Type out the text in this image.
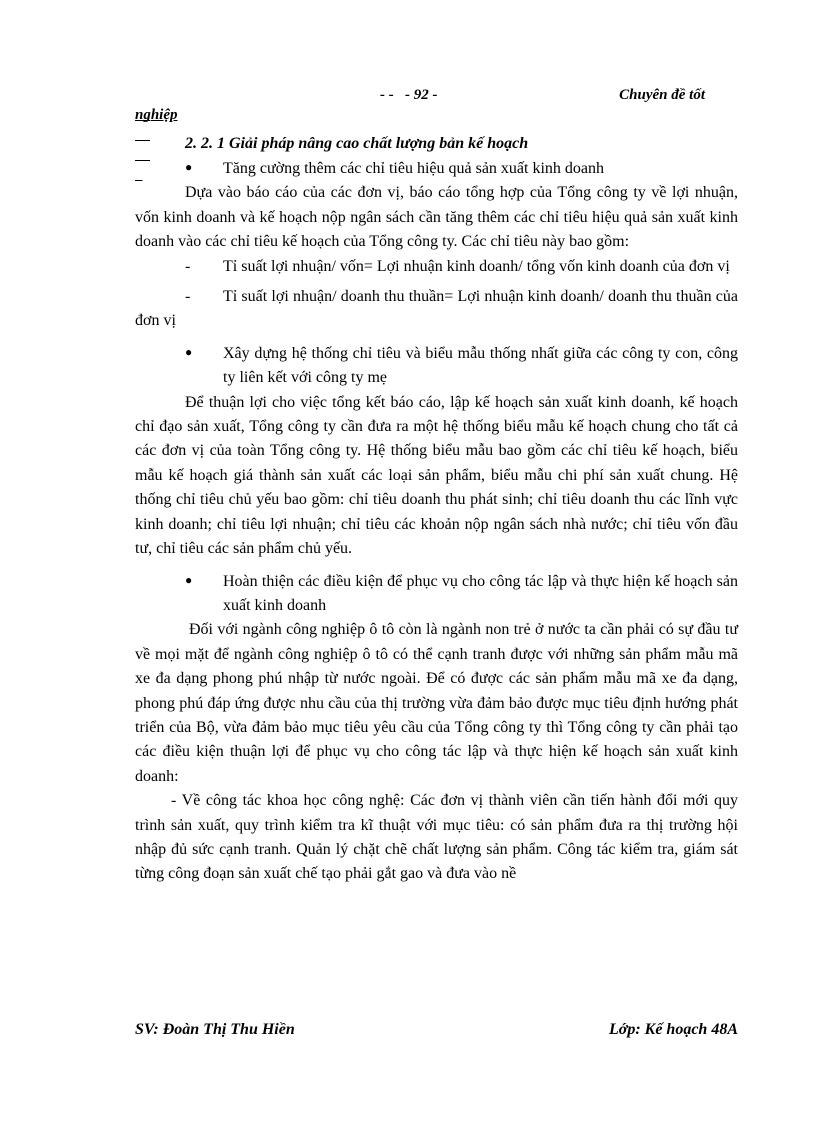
- -

- 92 -

	Chuyên đề tốt

nghiệp

2. 2. 1 Giải pháp nâng cao chất lượng bản kế hoạch

● Tăng cường thêm các chỉ tiêu hiệu quả sản xuất kinh doanh

Dựa vào báo cáo của các đơn vị, báo cáo tổng hợp của Tổng công ty về lợi nhuận, vốn kinh doanh và kế hoạch nộp ngân sách cần tăng thêm các chỉ tiêu hiệu quả sản xuất kinh doanh vào các chỉ tiêu kế hoạch của Tổng công ty. Các chỉ tiêu này bao gồm:

- Tỉ suất lợi nhuận/ vốn= Lợi nhuận kinh doanh/ tổng vốn kinh doanh của đơn vị

- Tỉ suất lợi nhuận/ doanh thu thuần= Lợi nhuận kinh doanh/ doanh thu thuần của đơn vị

● Xây dựng hệ thống chỉ tiêu và biểu mẫu thống nhất giữa các công ty con, công ty liên kết với công ty mẹ

Để thuận lợi cho việc tổng kết báo cáo, lập kế hoạch sản xuất kinh doanh, kế hoạch chỉ đạo sản xuất, Tổng công ty cần đưa ra một hệ thống biểu mẫu kế hoạch chung cho tất cả các đơn vị của toàn Tổng công ty. Hệ thống biểu mẫu bao gồm các chỉ tiêu kế hoạch, biểu mẫu kế hoạch giá thành sản xuất các loại sản phẩm, biểu mẫu chi phí sản xuất chung. Hệ thống chỉ tiêu chủ yếu bao gồm: chỉ tiêu doanh thu phát sinh; chỉ tiêu doanh thu các lĩnh vực kinh doanh; chỉ tiêu lợi nhuận; chỉ tiêu các khoản nộp ngân sách nhà nước; chỉ tiêu vốn đầu tư, chỉ tiêu các sản phẩm chủ yếu.

● Hoàn thiện các điều kiện để phục vụ cho công tác lập và thực hiện kế hoạch sản xuất kinh doanh

Đối với ngành công nghiệp ô tô còn là ngành non trẻ ở nước ta cần phải có sự đầu tư về mọi mặt để ngành công nghiệp ô tô có thể cạnh tranh được với những sản phẩm mẫu mã xe đa dạng phong phú nhập từ nước ngoài. Để có được các sản phẩm mẫu mã xe đa dạng, phong phú đáp ứng được nhu cầu của thị trường vừa đảm bảo được mục tiêu định hướng phát triển của Bộ, vừa đảm bảo mục tiêu yêu cầu của Tổng công ty thì Tổng công ty cần phải tạo các điều kiện thuận lợi để phục vụ cho công tác lập và thực hiện kế hoạch sản xuất kinh doanh:

- Về công tác khoa học công nghệ: Các đơn vị thành viên cần tiến hành đổi mới quy trình sản xuất, quy trình kiểm tra kĩ thuật với mục tiêu: có sản phẩm đưa ra thị trường hội nhập đủ sức cạnh tranh. Quản lý chặt chẽ chất lượng sản phẩm. Công tác kiểm tra, giám sát từng công đoạn sản xuất chế tạo phải gắt gao và đưa vào nề

SV: Đoàn Thị Thu Hiền	Lớp: Kế hoạch 48A
